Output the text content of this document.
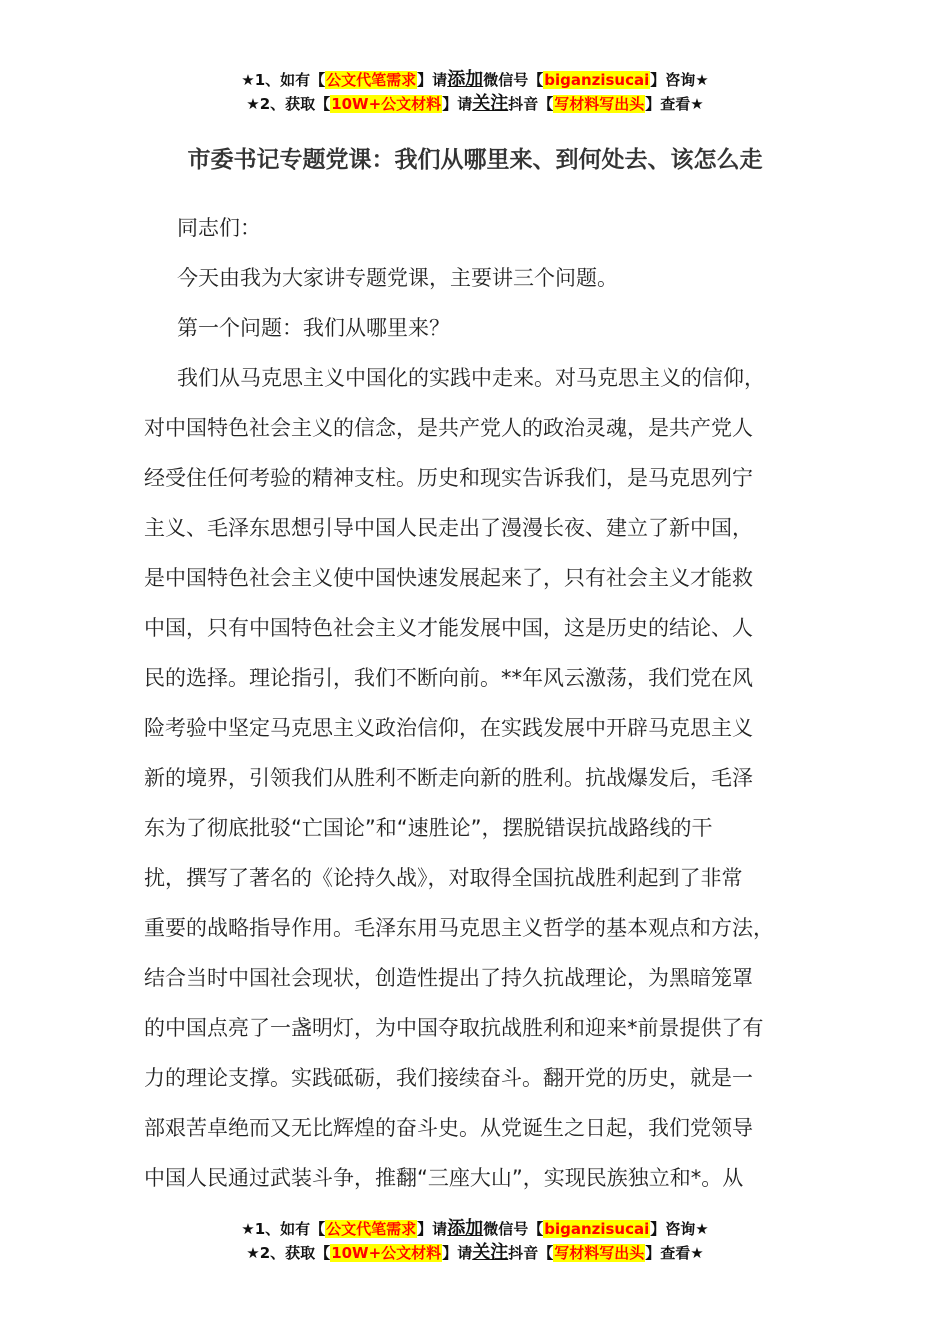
★1、如有【公文代笔需求】请添加微信号【biganzisucai】咨询★
★2、获取【10W+公文材料】请关注抖音【写材料写出头】查看★
市委书记专题党课：我们从哪里来、到何处去、该怎么走
同志们：
今天由我为大家讲专题党课，主要讲三个问题。
第一个问题：我们从哪里来？
我们从马克思主义中国化的实践中走来。对马克思主义的信仰，
对中国特色社会主义的信念，是共产党人的政治灵魂，是共产党人
经受住任何考验的精神支柱。历史和现实告诉我们，是马克思列宁
主义、毛泽东思想引导中国人民走出了漫漫长夜、建立了新中国，
是中国特色社会主义使中国快速发展起来了，只有社会主义才能救
中国，只有中国特色社会主义才能发展中国，这是历史的结论、人
民的选择。理论指引，我们不断向前。**年风云激荡，我们党在风
险考验中坚定马克思主义政治信仰，在实践发展中开辟马克思主义
新的境界，引领我们从胜利不断走向新的胜利。抗战爆发后，毛泽
东为了彻底批驳“亡国论”和“速胜论”，摆脱错误抗战路线的干
扰，撰写了著名的《论持久战》，对取得全国抗战胜利起到了非常
重要的战略指导作用。毛泽东用马克思主义哲学的基本观点和方法，
结合当时中国社会现状，创造性提出了持久抗战理论，为黑暗笼罩
的中国点亮了一盏明灯，为中国夺取抗战胜利和迎来*前景提供了有
力的理论支撑。实践砥砺，我们接续奋斗。翻开党的历史，就是一
部艰苦卓绝而又无比辉煌的奋斗史。从党诞生之日起，我们党领导
中国人民通过武装斗争，推翻“三座大山”，实现民族独立和*。从
★1、如有【公文代笔需求】请添加微信号【biganzisucai】咨询★
★2、获取【10W+公文材料】请关注抖音【写材料写出头】查看★
